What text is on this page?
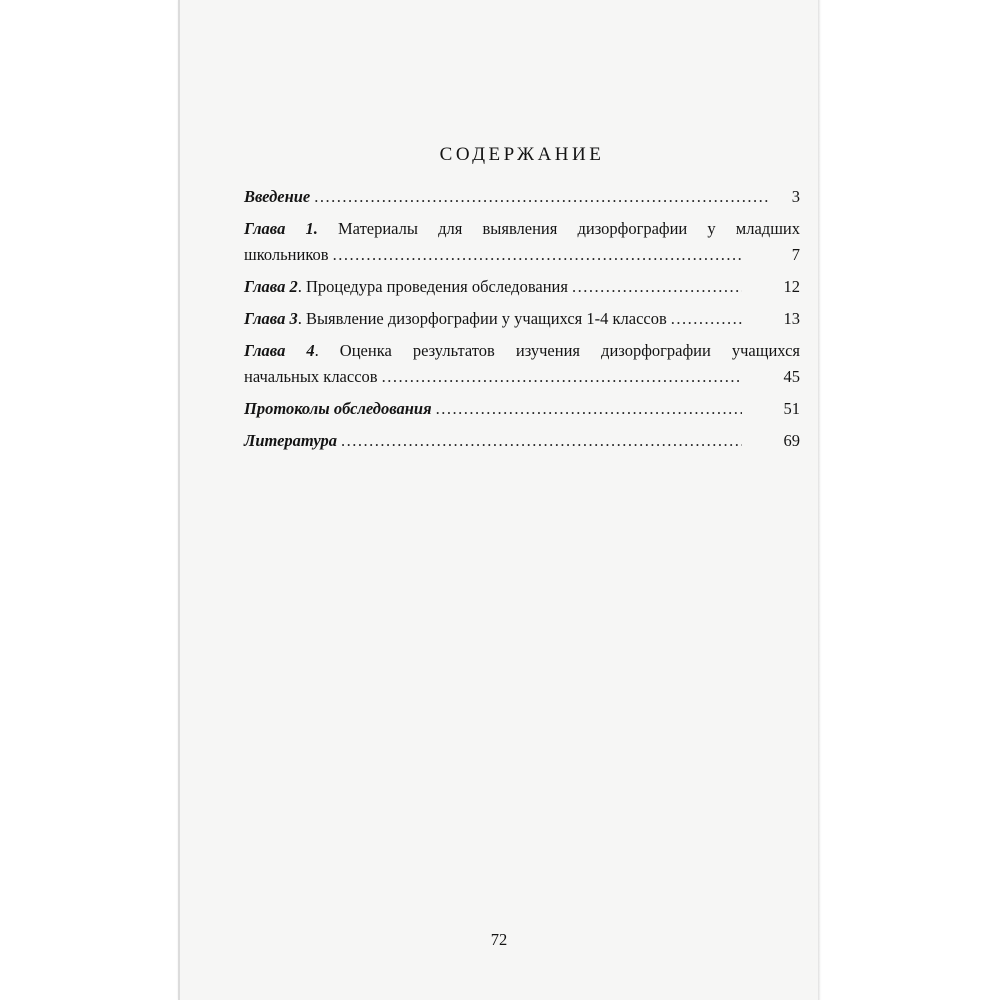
СОДЕРЖАНИЕ
Введение .....	3
Глава 1. Материалы для выявления дизорфографии у младших
школьников .....	7
Глава 2. Процедура проведения обследования .....	12
Глава 3. Выявление дизорфографии у учащихся 1-4 классов .....	13
Глава 4. Оценка результатов изучения дизорфографии учащихся
начальных классов .....	45
Протоколы обследования .....	51
Литература .....	69
72
